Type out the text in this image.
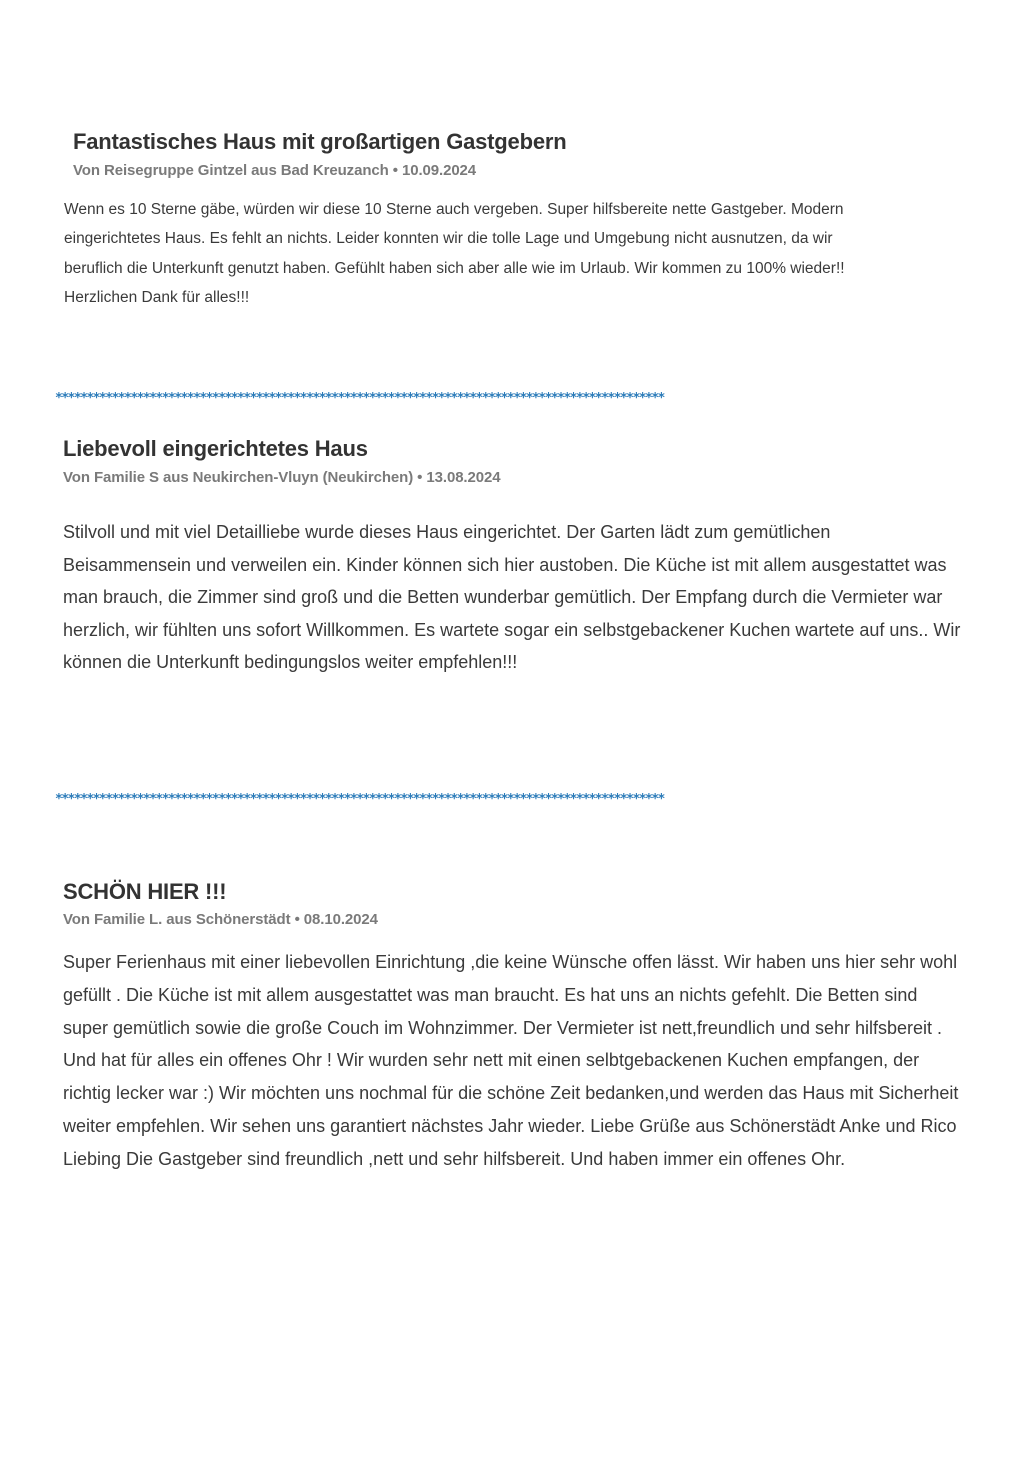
Fantastisches Haus mit großartigen Gastgebern
Von Reisegruppe Gintzel aus Bad Kreuzanch • 10.09.2024

Wenn es 10 Sterne gäbe, würden wir diese 10 Sterne auch vergeben. Super hilfsbereite nette Gastgeber. Modern eingerichtetes Haus. Es fehlt an nichts. Leider konnten wir die tolle Lage und Umgebung nicht ausnutzen, da wir beruflich die Unterkunft genutzt haben. Gefühlt haben sich aber alle wie im Urlaub. Wir kommen zu 100% wieder!! Herzlichen Dank für alles!!!

*************************************************************************************************
Liebevoll eingerichtetes Haus
Von Familie S aus Neukirchen-Vluyn (Neukirchen) • 13.08.2024

Stilvoll und mit viel Detailliebe wurde dieses Haus eingerichtet. Der Garten lädt zum gemütlichen Beisammensein und verweilen ein. Kinder können sich hier austoben. Die Küche ist mit allem ausgestattet was man brauch, die Zimmer sind groß und die Betten wunderbar gemütlich. Der Empfang durch die Vermieter war herzlich, wir fühlten uns sofort Willkommen. Es wartete sogar ein selbstgebackener Kuchen wartete auf uns.. Wir können die Unterkunft bedingungslos weiter empfehlen!!!

*************************************************************************************************
SCHÖN HIER !!!
Von Familie L. aus Schönerstädt • 08.10.2024

Super Ferienhaus mit einer liebevollen Einrichtung ,die keine Wünsche offen lässt. Wir haben uns hier sehr wohl gefüllt . Die Küche ist mit allem ausgestattet was man braucht. Es hat uns an nichts gefehlt. Die Betten sind super gemütlich sowie die große Couch im Wohnzimmer. Der Vermieter ist nett,freundlich und sehr hilfsbereit . Und hat für alles ein offenes Ohr ! Wir wurden sehr nett mit einen selbtgebackenen Kuchen empfangen, der richtig lecker war :) Wir möchten uns nochmal für die schöne Zeit bedanken,und werden das Haus mit Sicherheit weiter empfehlen. Wir sehen uns garantiert nächstes Jahr wieder. Liebe Grüße aus Schönerstädt Anke und Rico Liebing Die Gastgeber sind freundlich ,nett und sehr hilfsbereit. Und haben immer ein offenes Ohr.
